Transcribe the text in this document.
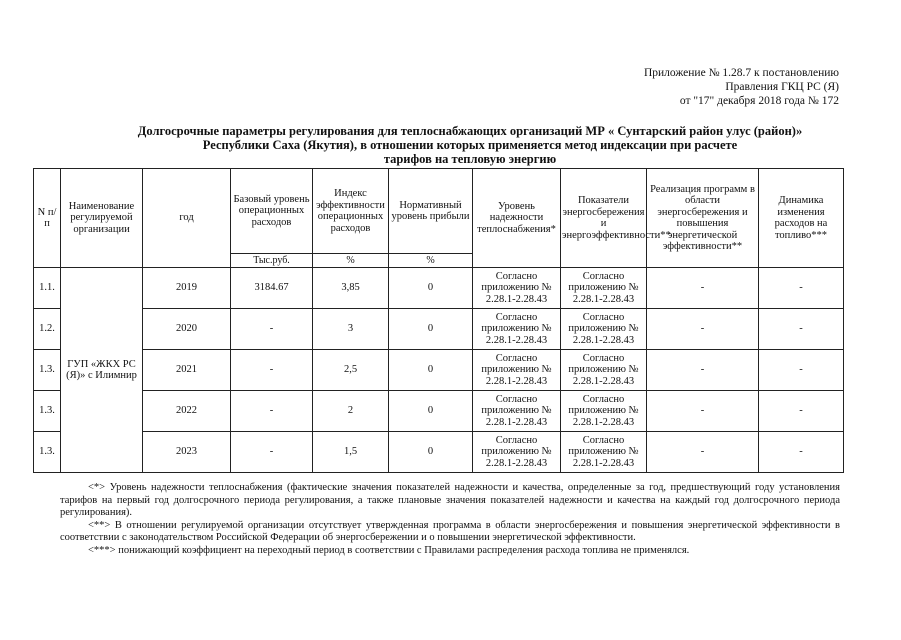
Приложение № 1.28.7 к постановлению
Правления ГКЦ РС (Я)
от "17" декабря 2018 года № 172
Долгосрочные параметры регулирования для теплоснабжающих организаций МР « Сунтарский район улус (район)»
Республики Саха (Якутия), в отношении которых применяется метод индексации при расчете
тарифов на тепловую энергию
N п/п	Наименование регулируемой организации	год	Базовый уровень операционных расходов	Индекс эффективности операционных расходов	Нормативный уровень прибыли	Уровень надежности теплоснабжения*	Показатели энергосбережения и энергоэффективности**	Реализация программ в области энергосбережения и повышения энергетической эффективности**	Динамика изменения расходов на топливо***
			Тыс.руб.	%	%				
1.1.	ГУП «ЖКХ РС (Я)» с Илимнир	2019	3184.67	3,85	0	Согласно приложению № 2.28.1-2.28.43	Согласно приложению № 2.28.1-2.28.43	-	-
1.2.		2020	-	3	0	Согласно приложению № 2.28.1-2.28.43	Согласно приложению № 2.28.1-2.28.43	-	-
1.3.		2021	-	2,5	0	Согласно приложению № 2.28.1-2.28.43	Согласно приложению № 2.28.1-2.28.43	-	-
1.3.		2022	-	2	0	Согласно приложению № 2.28.1-2.28.43	Согласно приложению № 2.28.1-2.28.43	-	-
1.3.		2023	-	1,5	0	Согласно приложению № 2.28.1-2.28.43	Согласно приложению № 2.28.1-2.28.43	-	-

<*> Уровень надежности теплоснабжения (фактические значения показателей надежности и качества, определенные за год, предшествующий году установления тарифов на первый год долгосрочного периода регулирования, а также плановые значения показателей надежности и качества на каждый год долгосрочного периода регулирования).

<**> В отношении регулируемой организации отсутствует утвержденная программа в области энергосбережения и повышения энергетической эффективности в соответствии с законодательством Российской Федерации об энергосбережении и о повышении энергетической эффективности.

<***> понижающий коэффициент на переходный период в соответствии с Правилами распределения расхода топлива не применялся.
